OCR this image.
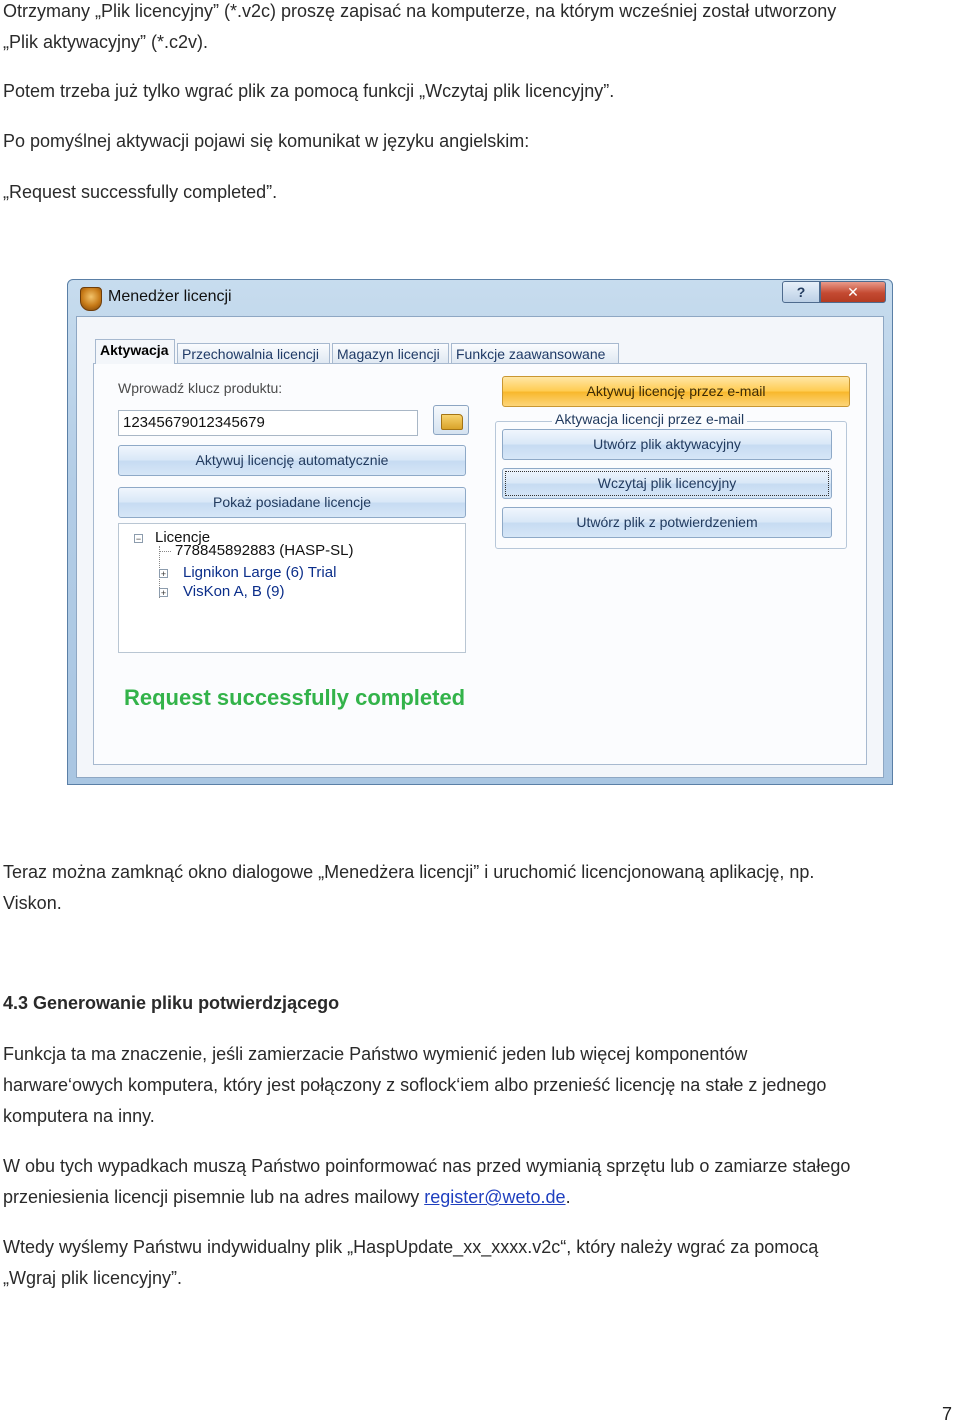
Otrzymany „Plik licencyjny” (*.v2c) proszę zapisać na komputerze, na którym wcześniej został utworzony

„Plik aktywacyjny” (*.c2v).

Potem trzeba już tylko wgrać plik za pomocą funkcji „Wczytaj plik licencyjny”.

Po pomyślnej aktywacji pojawi się komunikat w języku angielskim:

„Request successfully completed”.

Menedżer licencji	?	✕
Aktywacja Przechowalnia licencji	Magazyn licencji	Funkcje zaawansowane
Wprowadź klucz produktu:
12345679012345679
Aktywuj licencję automatycznie
Pokaż posiadane licencje
− Licencje
778845892883 (HASP-SL)
+ Lignikon Large (6) Trial
+ VisKon A, B (9)
Aktywuj licencję przez e-mail
Aktywacja licencji przez e-mail
Utwórz plik aktywacyjny
Wczytaj plik licencyjny
Utwórz plik z potwierdzeniem
Request successfully completed

Teraz można zamknąć okno dialogowe „Menedżera licencji” i uruchomić licencjonowaną aplikację, np.

Viskon.

4.3 Generowanie pliku potwierdzjącego

Funkcja ta ma znaczenie, jeśli zamierzacie Państwo wymienić jeden lub więcej komponentów

harware‘owych komputera, który jest połączony z soflock‘iem albo przenieść licencję na stałe z jednego

komputera na inny.

W obu tych wypadkach muszą Państwo poinformować nas przed wymianią sprzętu lub o zamiarze stałego

przeniesienia licencji pisemnie lub na adres mailowy register@weto.de.

Wtedy wyślemy Państwu indywidualny plik „HaspUpdate_xx_xxxx.v2c“, który należy wgrać za pomocą

„Wgraj plik licencyjny”.

7
